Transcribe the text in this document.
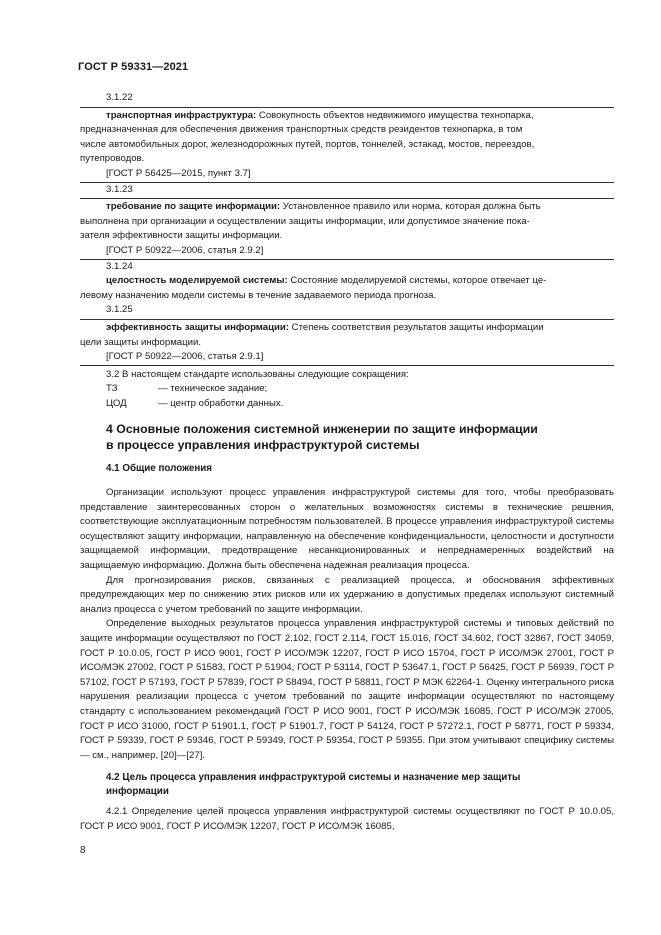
ГОСТ Р 59331—2021
3.1.22

транспортная инфраструктура: Совокупность объектов недвижимого имущества технопарка,

предназначенная для обеспечения движения транспортных средств резидентов технопарка, в том

числе автомобильных дорог, железнодорожных путей, портов, тоннелей, эстакад, мостов, переездов,

путепроводов.

[ГОСТ Р 56425—2015, пункт 3.7]

3.1.23

требование по защите информации: Установленное правило или норма, которая должна быть

выполнена при организации и осуществлении защиты информации, или допустимое значение пока-

зателя эффективности защиты информации.

[ГОСТ Р 50922—2006, статья 2.9.2]

3.1.24

целостность моделируемой системы: Состояние моделируемой системы, которое отвечает це-

левому назначению модели системы в течение задаваемого периода прогноза.

3.1.25

эффективность защиты информации: Степень соответствия результатов защиты информации

цели защиты информации.

[ГОСТ Р 50922—2006, статья 2.9.1]

3.2 В настоящем стандарте использованы следующие сокращения:
ТЗ	— техническое задание;
ЦОД	— центр обработки данных.
4 Основные положения системной инженерии по защите информации
в процессе управления инфраструктурой системы
4.1 Общие положения

Организации используют процесс управления инфраструктурой системы для того, чтобы преобразовать представление заинтересованных сторон о желательных возможностях системы в технические решения, соответствующие эксплуатационным потребностям пользователей. В процессе управления инфраструктурой системы осуществляют защиту информации, направленную на обеспечение конфиденциальности, целостности и доступности защищаемой информации, предотвращение несанкционированных и непреднамеренных воздействий на защищаемую информацию. Должна быть обеспечена надежная реализация процесса.

Для прогнозирования рисков, связанных с реализацией процесса, и обоснования эффективных предупреждающих мер по снижению этих рисков или их удержанию в допустимых пределах используют системный анализ процесса с учетом требований по защите информации.

Определение выходных результатов процесса управления инфраструктурой системы и типовых действий по защите информации осуществляют по ГОСТ 2.102, ГОСТ 2.114, ГОСТ 15.016, ГОСТ 34.602, ГОСТ 32867, ГОСТ 34059, ГОСТ Р 10.0.05, ГОСТ Р ИСО 9001, ГОСТ Р ИСО/МЭК 12207, ГОСТ Р ИСО 15704, ГОСТ Р ИСО/МЭК 27001, ГОСТ Р ИСО/МЭК 27002, ГОСТ Р 51583, ГОСТ Р 51904, ГОСТ Р 53114, ГОСТ Р 53647.1, ГОСТ Р 56425, ГОСТ Р 56939, ГОСТ Р 57102, ГОСТ Р 57193, ГОСТ Р 57839, ГОСТ Р 58494, ГОСТ Р 58811, ГОСТ Р МЭК 62264-1. Оценку интегрального риска нарушения реализации процесса с учетом требований по защите информации осуществляют по настоящему стандарту с использованием рекомендаций ГОСТ Р ИСО 9001, ГОСТ Р ИСО/МЭК 16085, ГОСТ Р ИСО/МЭК 27005, ГОСТ Р ИСО 31000, ГОСТ Р 51901.1, ГОСТ Р 51901.7, ГОСТ Р 54124, ГОСТ Р 57272.1, ГОСТ Р 58771, ГОСТ Р 59334, ГОСТ Р 59339, ГОСТ Р 59346, ГОСТ Р 59349, ГОСТ Р 59354, ГОСТ Р 59355. При этом учитывают специфику системы — см., например, [20]—[27].

4.2 Цель процесса управления инфраструктурой системы и назначение мер защиты
информации

4.2.1 Определение целей процесса управления инфраструктурой системы осуществляют по ГОСТ Р 10.0.05, ГОСТ Р ИСО 9001, ГОСТ Р ИСО/МЭК 12207, ГОСТ Р ИСО/МЭК 16085,

8
